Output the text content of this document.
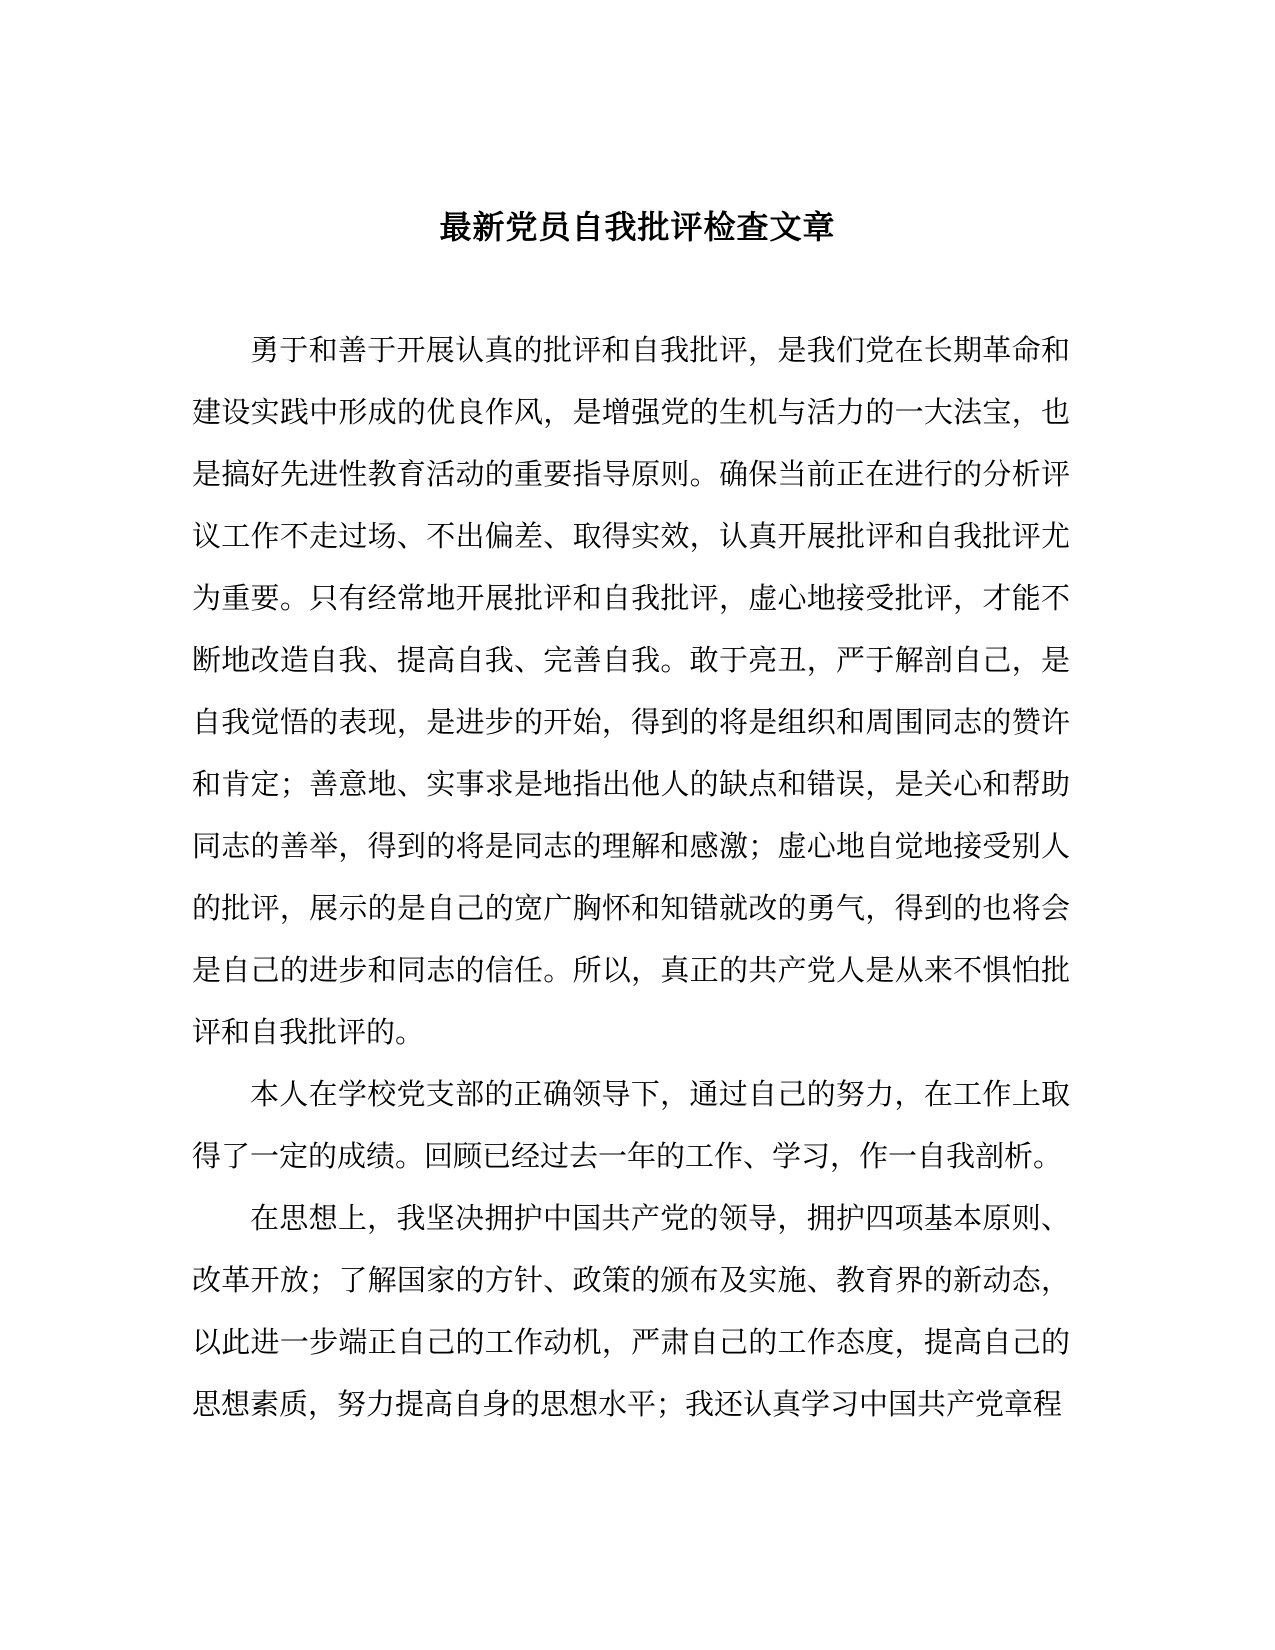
最新党员自我批评检查文章

勇于和善于开展认真的批评和自我批评，是我们党在长期革命和建设实践中形成的优良作风，是增强党的生机与活力的一大法宝，也是搞好先进性教育活动的重要指导原则。确保当前正在进行的分析评议工作不走过场、不出偏差、取得实效，认真开展批评和自我批评尤为重要。只有经常地开展批评和自我批评，虚心地接受批评，才能不断地改造自我、提高自我、完善自我。敢于亮丑，严于解剖自己，是自我觉悟的表现，是进步的开始，得到的将是组织和周围同志的赞许和肯定；善意地、实事求是地指出他人的缺点和错误，是关心和帮助同志的善举，得到的将是同志的理解和感激；虚心地自觉地接受别人的批评，展示的是自己的宽广胸怀和知错就改的勇气，得到的也将会是自己的进步和同志的信任。所以，真正的共产党人是从来不惧怕批评和自我批评的。

本人在学校党支部的正确领导下，通过自己的努力，在工作上取得了一定的成绩。回顾已经过去一年的工作、学习，作一自我剖析。

在思想上，我坚决拥护中国共产党的领导，拥护四项基本原则、改革开放；了解国家的方针、政策的颁布及实施、教育界的新动态，以此进一步端正自己的工作动机，严肃自己的工作态度，提高自己的思想素质，努力提高自身的思想水平；我还认真学习中国共产党章程
